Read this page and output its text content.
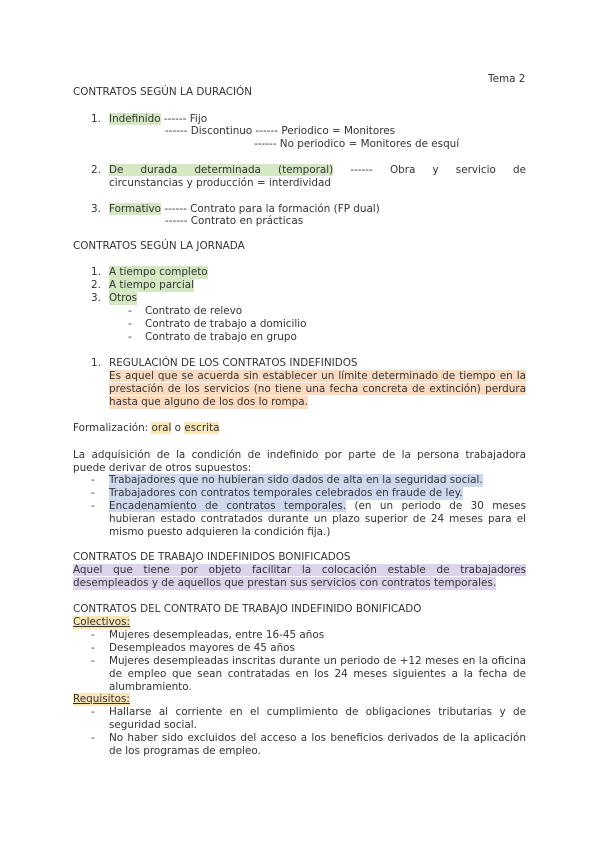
Tema 2
CONTRATOS SEGÚN LA DURACIÓN
1. Indefinido ------ Fijo
------ Discontinuo ------ Periodico = Monitores
------ No periodico = Monitores de esquí
2. De durada determinada (temporal) ------ Obra y servicio de
circunstancias y producción = interdividad
3. Formativo ------ Contrato para la formación (FP dual)
------ Contrato en prácticas
CONTRATOS SEGÚN LA JORNADA
1. A tiempo completo
2. A tiempo parcial
3. Otros
- Contrato de relevo
- Contrato de trabajo a domicilio
- Contrato de trabajo en grupo
1. REGULACIÓN DE LOS CONTRATOS INDEFINIDOS
Es aquel que se acuerda sin establecer un límite determinado de tiempo en la
prestación de los servicios (no tiene una fecha concreta de extinción) perdura
hasta que alguno de los dos lo rompa.
Formalización: oral o escrita
La adquisición de la condición de indefinido por parte de la persona trabajadora
puede derivar de otros supuestos:
- Trabajadores que no hubieran sido dados de alta en la seguridad social.
- Trabajadores con contratos temporales celebrados en fraude de ley.
- Encadenamiento de contratos temporales. (en un periodo de 30 meses
hubieran estado contratados durante un plazo superior de 24 meses para el
mismo puesto adquieren la condición fija.)
CONTRATOS DE TRABAJO INDEFINIDOS BONIFICADOS
Aquel que tiene por objeto facilitar la colocación estable de trabajadores
desempleados y de aquellos que prestan sus servicios con contratos temporales.
CONTRATOS DEL CONTRATO DE TRABAJO INDEFINIDO BONIFICADO
Colectivos:
- Mujeres desempleadas, entre 16-45 años
- Desempleados mayores de 45 años
- Mujeres desempleadas inscritas durante un periodo de +12 meses en la oficina
de empleo que sean contratadas en los 24 meses siguientes a la fecha de
alumbramiento.
Requisitos:
- Hallarse al corriente en el cumplimiento de obligaciones tributarias y de
seguridad social.
- No haber sido excluidos del acceso a los beneficios derivados de la aplicación
de los programas de empleo.
